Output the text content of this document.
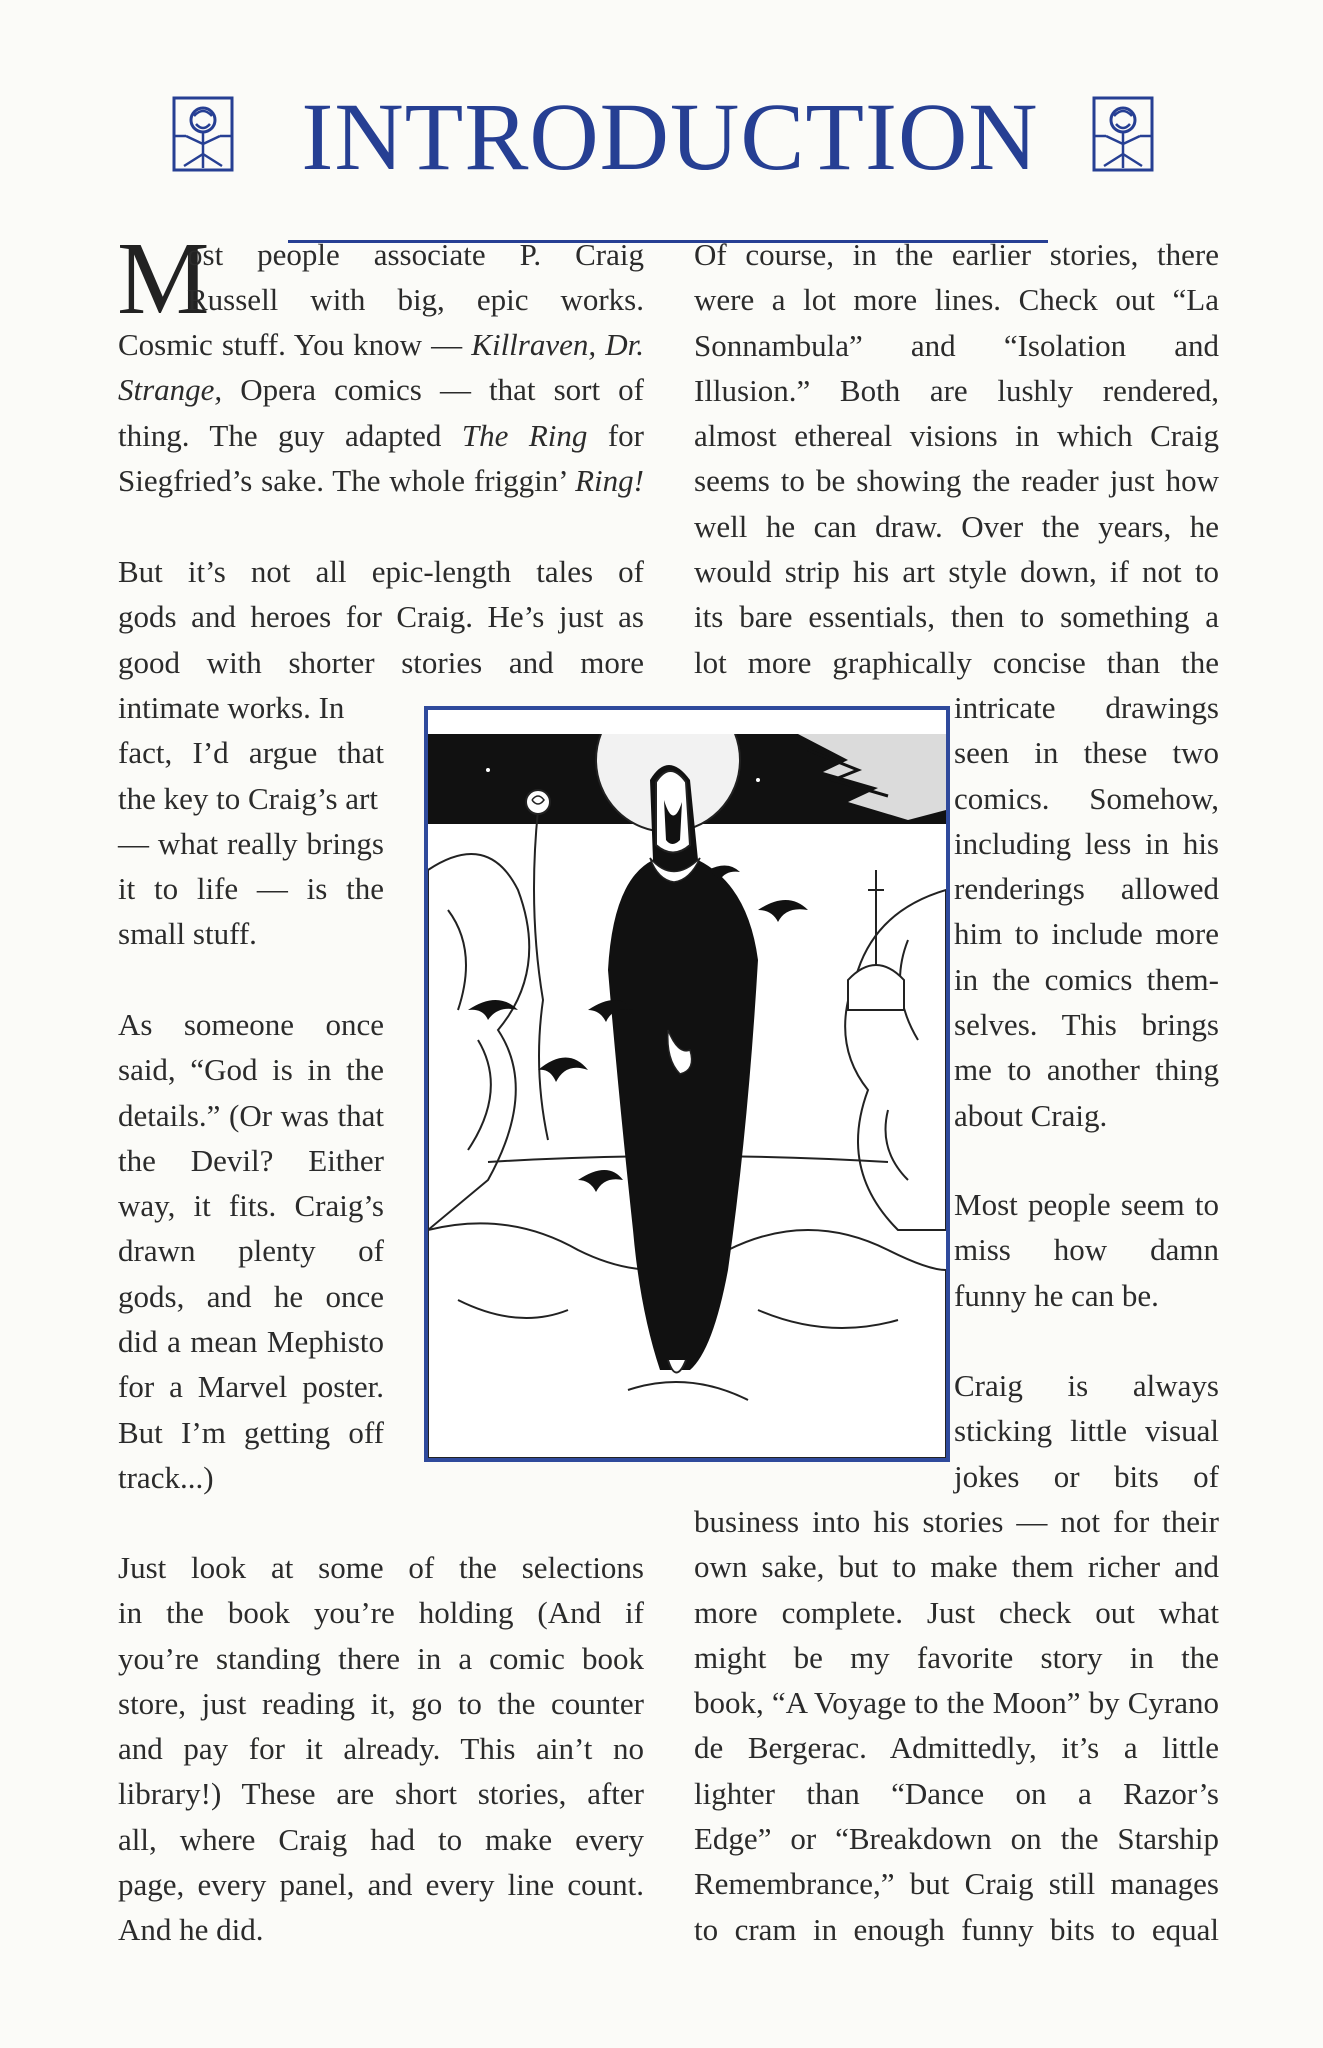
INTRODUCTION
M
ost people associate P. Craig
Russell with big, epic works.
Cosmic stuff. You know — Killraven, Dr.
Strange, Opera comics — that sort of
thing. The guy adapted The Ring for
Siegfried’s sake. The whole friggin’ Ring!
But it’s not all epic-length tales of
gods and heroes for Craig. He’s just as
good with shorter stories and more
intimate works. In
fact, I’d argue that
the key to Craig’s art
— what really brings
it to life — is the
small stuff.
As someone once
said, “God is in the
details.” (Or was that
the Devil? Either
way, it fits. Craig’s
drawn plenty of
gods, and he once
did a mean Mephisto
for a Marvel poster.
But I’m getting off
track...)
Just look at some of the selections
in the book you’re holding (And if
you’re standing there in a comic book
store, just reading it, go to the counter
and pay for it already. This ain’t no
library!) These are short stories, after
all, where Craig had to make every
page, every panel, and every line count.
And he did.
Of course, in the earlier stories, there
were a lot more lines. Check out “La
Sonnambula” and “Isolation and
Illusion.” Both are lushly rendered,
almost ethereal visions in which Craig
seems to be showing the reader just how
well he can draw. Over the years, he
would strip his art style down, if not to
its bare essentials, then to something a
lot more graphically concise than the
intricate drawings
seen in these two
comics. Somehow,
including less in his
renderings allowed
him to include more
in the comics them-
selves. This brings
me to another thing
about Craig.
Most people seem to
miss how damn
funny he can be.
Craig is always
sticking little visual
jokes or bits of
business into his stories — not for their
own sake, but to make them richer and
more complete. Just check out what
might be my favorite story in the
book, “A Voyage to the Moon” by Cyrano
de Bergerac. Admittedly, it’s a little
lighter than “Dance on a Razor’s
Edge” or “Breakdown on the Starship
Remembrance,” but Craig still manages
to cram in enough funny bits to equal
